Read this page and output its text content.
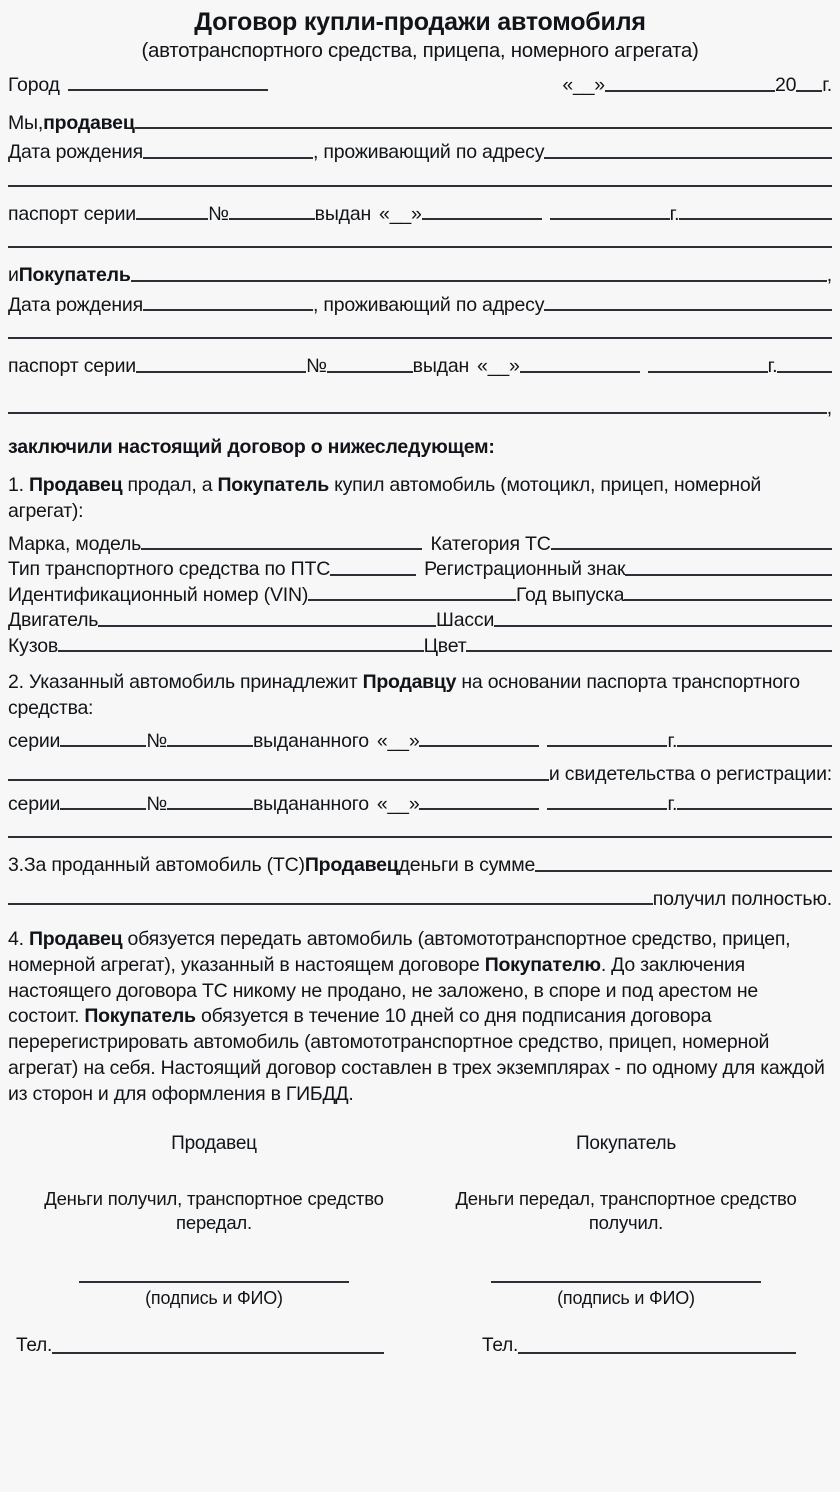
Договор купли-продажи автомобиля
(автотранспортного средства, прицепа, номерного агрегата)
Город	«__»	20 г.
Мы, продавец
Дата рождения	, проживающий по адресу
паспорт серии	№	выдан «__»	г.
и Покупатель	,
Дата рождения	, проживающий по адресу
паспорт серии	№	выдан «__»	г.
,
заключили настоящий договор о нижеследующем:
1. Продавец продал, а Покупатель купил автомобиль (мотоцикл, прицеп, номерной агрегат):
Марка, модель	Категория ТС
Тип транспортного средства по ПТС	Регистрационный знак
Идентификационный номер (VIN)	Год выпуска
Двигатель	Шасси
Кузов	Цвет
2. Указанный автомобиль принадлежит Продавцу на основании паспорта транспортного средства:
серии	№	выдананного «__»	г.
и свидетельства о регистрации:
серии	№	выдананного «__»	г.
3. За проданный автомобиль (ТС) Продавец деньги в сумме
получил полностью.
4. Продавец обязуется передать автомобиль (автомототранспортное средство, прицеп, номерной агрегат), указанный в настоящем договоре Покупателю. До заключения настоящего договора ТС никому не продано, не заложено, в споре и под арестом не состоит. Покупатель обязуется в течение 10 дней со дня подписания договора перерегистрировать автомобиль (автомототранспортное средство, прицеп, номерной агрегат) на себя. Настоящий договор составлен в трех экземплярах - по одному для каждой из сторон и для оформления в ГИБДД.
Продавец
Деньги получил, транспортное средство передал.
(подпись и ФИО)
Покупатель
Деньги передал, транспортное средство получил.
(подпись и ФИО)
Тел.	Тел.
